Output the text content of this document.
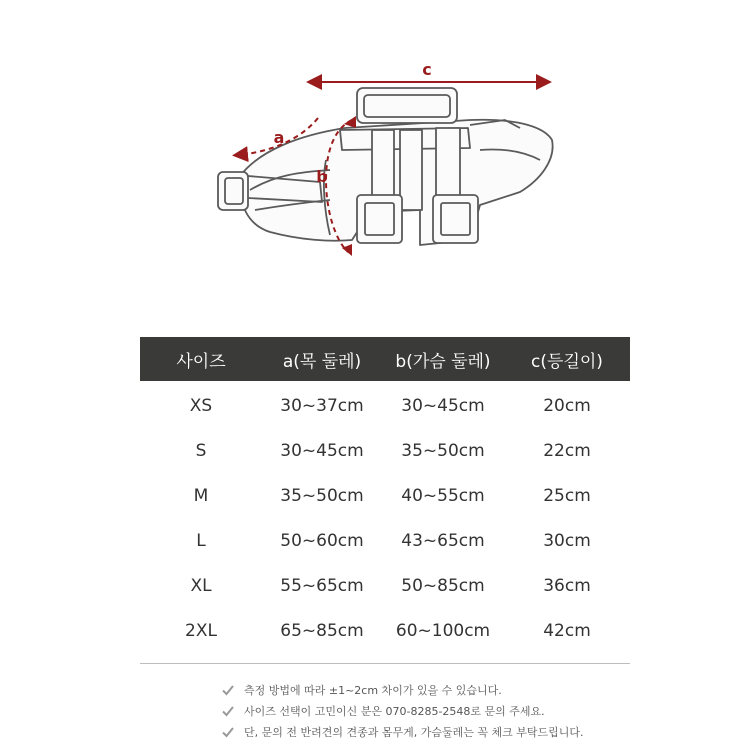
c
a
b
사이즈	a(목 둘레)	b(가슴 둘레)	c(등길이)
XS	30~37cm	30~45cm	20cm
S	30~45cm	35~50cm	22cm
M	35~50cm	40~55cm	25cm
L	50~60cm	43~65cm	30cm
XL	55~65cm	50~85cm	36cm
2XL	65~85cm	60~100cm	42cm
측정 방법에 따라 ±1~2cm 차이가 있을 수 있습니다.
사이즈 선택이 고민이신 분은 070-8285-2548로 문의 주세요.
단, 문의 전 반려견의 견종과 몸무게, 가슴둘레는 꼭 체크 부탁드립니다.
